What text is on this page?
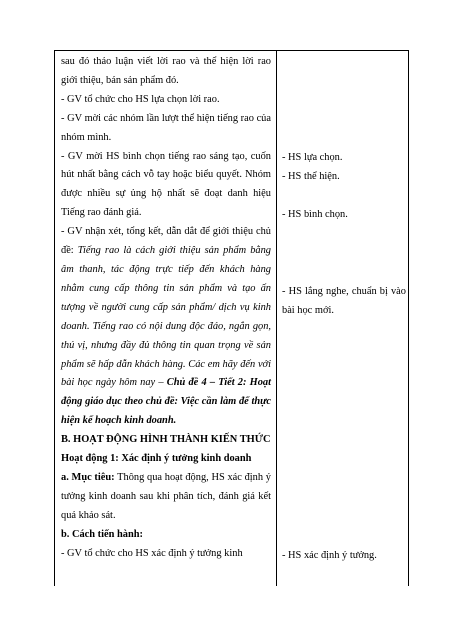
sau đó thảo luận viết lời rao và thể hiện lời rao giới thiệu, bán sản phẩm đó.

- GV tổ chức cho HS lựa chọn lời rao.

- GV mời các nhóm lần lượt thể hiện tiếng rao của nhóm mình.

- GV mời HS bình chọn tiếng rao sáng tạo, cuốn hút nhất bằng cách vỗ tay hoặc biểu quyết. Nhóm được nhiều sự ủng hộ nhất sẽ đoạt danh hiệu Tiếng rao đánh giá.

- GV nhận xét, tổng kết, dẫn dắt để giới thiệu chủ đề: Tiếng rao là cách giới thiệu sản phẩm bằng âm thanh, tác động trực tiếp đến khách hàng nhằm cung cấp thông tin sản phẩm và tạo ấn tượng về người cung cấp sản phẩm/ dịch vụ kinh doanh. Tiếng rao có nội dung độc đáo, ngắn gọn, thú vị, nhưng đầy đủ thông tin quan trọng về sản phẩm sẽ hấp dẫn khách hàng. Các em hãy đến với bài học ngày hôm nay – Chủ đề 4 – Tiết 2: Hoạt động giáo dục theo chủ đề: Việc cần làm để thực hiện kế hoạch kinh doanh.

B. HOẠT ĐỘNG HÌNH THÀNH KIẾN THỨC

Hoạt động 1: Xác định ý tưởng kinh doanh

a. Mục tiêu: Thông qua hoạt động, HS xác định ý tưởng kinh doanh sau khi phân tích, đánh giá kết quả khảo sát.

b. Cách tiến hành:

- GV tổ chức cho HS xác định ý tưởng kinh

- HS lựa chọn.

- HS thể hiện.

- HS bình chọn.

- HS lắng nghe, chuẩn bị vào bài học mới.

- HS xác định ý tưởng.
